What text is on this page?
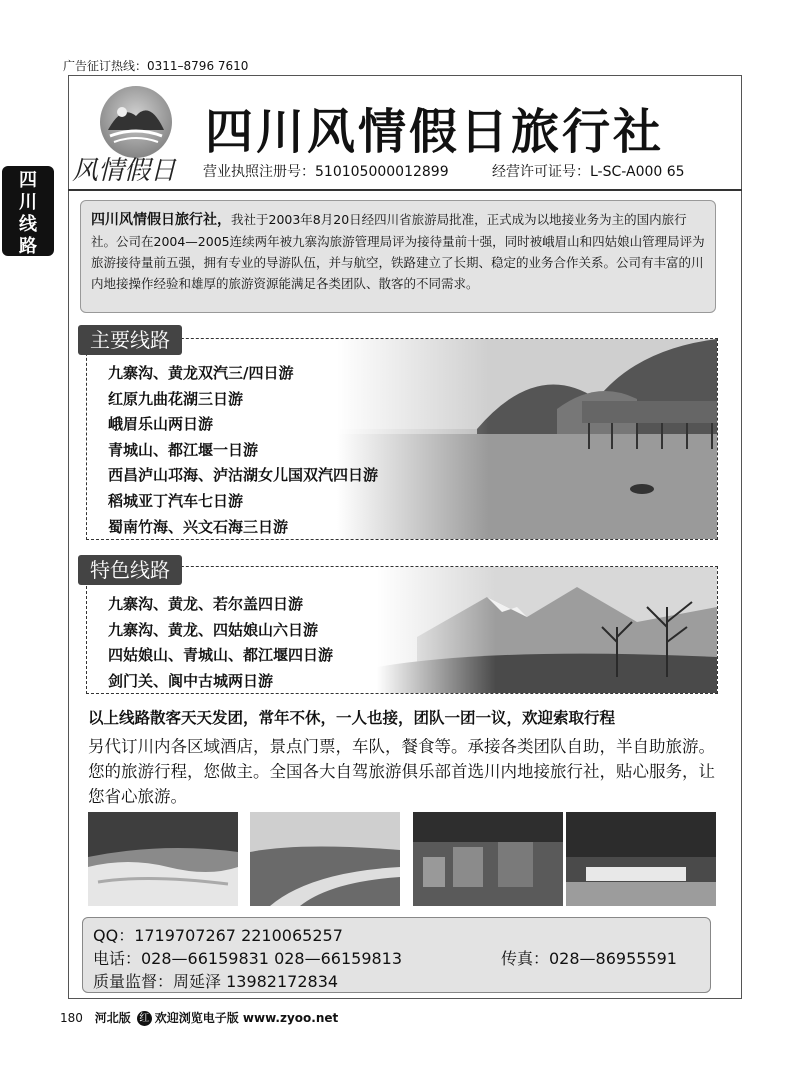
广告征订热线：0311–8796 7610
四
川
线
路
风情假日
四川风情假日旅行社
营业执照注册号：510105000012899	经营许可证号：L-SC-A000 65
四川风情假日旅行社，我社于2003年8月20日经四川省旅游局批准，正式成为以地接业务为主的国内旅行社。公司在2004—2005连续两年被九寨沟旅游管理局评为接待量前十强，同时被峨眉山和四姑娘山管理局评为旅游接待量前五强，拥有专业的导游队伍，并与航空，铁路建立了长期、稳定的业务合作关系。公司有丰富的川内地接操作经验和雄厚的旅游资源能满足各类团队、散客的不同需求。
主要线路
九寨沟、黄龙双汽三/四日游
红原九曲花湖三日游
峨眉乐山两日游
青城山、都江堰一日游
西昌泸山邛海、泸沽湖女儿国双汽四日游
稻城亚丁汽车七日游
蜀南竹海、兴文石海三日游
特色线路
九寨沟、黄龙、若尔盖四日游
九寨沟、黄龙、四姑娘山六日游
四姑娘山、青城山、都江堰四日游
剑门关、阆中古城两日游
以上线路散客天天发团，常年不休，一人也接，团队一团一议，欢迎索取行程
另代订川内各区域酒店，景点门票，车队，餐食等。承接各类团队自助，半自助旅游。您的旅游行程，您做主。全国各大自驾旅游俱乐部首选川内地接旅行社，贴心服务，让您省心旅游。
QQ：1719707267 2210065257
电话：028—66159831 028—66159813	传真：028—86955591
质量监督：周延泽 13982172834
180 河北版 红 欢迎浏览电子版 www.zyoo.net
